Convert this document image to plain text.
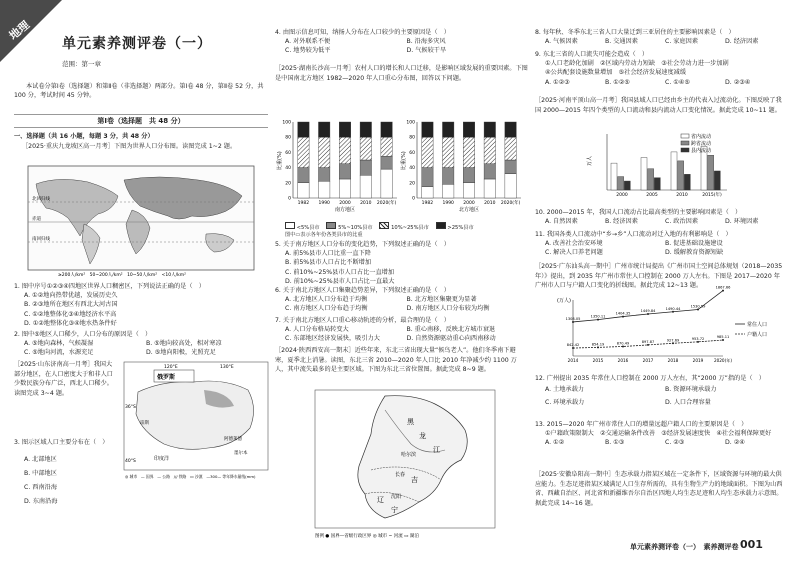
地理
单元素养测评卷（一）
范围：第一章
本试卷分第Ⅰ卷（选择题）和第Ⅱ卷（非选择题）两部分。第Ⅰ卷 48 分，第Ⅱ卷 52 分，共 100 分，考试时间 45 分钟。
第Ⅰ卷（选择题　共 48 分）
一、选择题（共 16 小题，每题 3 分，共 48 分）
［2025·重庆九龙坡区高一月考］下图为世界人口分布图。读图完成 1~2 题。
北回归线
赤道
南回归线
≥200人/km²　50~200人/km²　10~50人/km²　<10人/km²
1. 图中序号①②③④四地区世界人口稠密区，下列说法正确的是（　）
A. ①②地向热带优越，发展历史久
B. ②③地所在地区有西北大河古国
C. ①②地整体化③④地经济水平高
D. ①②地整体化③④地水热条件好
2. 图中⑤地区人口稀少，人口分布的原因是（　）
A. ⑤地向森林，气候凝湿	B. ⑤地向较高处，相对寒凉
C. ⑤地向河流，水源充足	D. ⑤地向阳极，光照充足
［2025·山东济南高一月考］我国大部分地区，在人口密度大于和非人口少数民族分布广泛，西北人口稀少。读图完成 3~4 题。
俄罗斯
120°E	130°E
36°S
40°S
珀斯
阿德莱德
墨尔本
印度洋
◎ 城市　— 国界　— 公路　/// 铁路　▭ 沙漠　—300— 等年降水量线(mm)
3. 图示区域人口主要分布在（　）
A. 北部地区
B. 中部地区
C. 西南沿海
D. 东南沿海
4. 由图示信息可知，纳扬人分布在人口较少的主要原因是（　）
A. 对外联系不便	B. 沿海多灾风
C. 地势较为低平	D. 气候较干旱
［2025·湖南长沙高一月考］农村人口的增长和人口迁移，是影响区域发展的重要因素。下图是中国南北方地区 1982—2020 年人口重心分布图，回答以下问题。
0
20
40
60
80
100
1982 1990 2000 2010 2020(年)
南方地区
0
20
40
60
80
100
1982 1990 2000 2010 2020(年)
北方地区
比重(%)	比重(%)
<5%县市　	5%~10%县市　	10%~25%县市　	>25%县市
图中▭表示各年份各类县市的比重
5. 关于南方地区人口分布的变化趋势，下列叙述正确的是（　）
A. 前5%县市人口比重一直下降
B. 前5%县市人口占比不断增加
C. 前10%~25%县市人口占比一直增加
D. 前10%~25%县市人口占比一直最大
6. 关于南北方地区人口集聚趋势差异，下列叙述正确的是（　）
A. 北方地区人口分布趋于均衡	B. 北方地区集聚更为显著
C. 南方地区人口分布趋于均衡	D. 南方地区人口分布较为均衡
7. 关于南北方地区人口重心移动轨迹的分析，最合理的是（　）
A. 人口分布格局转变大	B. 重心南移，反映北方城市衰退
C. 东部地区经济发展快，吸引力大	D. 自然资源驱动重心向西南移动
［2024·陕西西安高一期末］近些年来，东北三省出现大量“候鸟老人”。他们冬季南下避寒，夏季北上消暑。读图，东北三省 2010—2020 年人口比 2010 年净减少约 1100 万人，其中流失最多的是主要区域。下图为东北三省位置图。据此完成 8~9 题。
黑
龙
江
哈尔滨
吉
长春
辽 沈阳
宁
图例 ● 国界—省级行政区界 ◎ 城市 ~ 河流 ▭ 湖泊
8. 每年秋、冬季东北三省人口大量迁到三亚居住的主要影响因素是（　）
A. 气候因素	B. 交通因素	C. 家庭因素	D. 经济因素
9. 东北三省的人口流失可能会造成（　）
①人口老龄化加剧　②区域内劳动力短缺　③社会劳动力进一步加剧
④公共配套设施数量增加　⑤社会经济发展速度减缓
A. ①②③	B. ①②⑤	C. ①④⑤	D. ②③④
［2025·河南平顶山高一月考］我国县域人口已经由乡主的代表入过流动化。下图反映了我国 2000—2015 年四个类型的人口流动和县内流动人口变化情况。据此完成 10~11 题。
2000	2005	2010	2015(年)
万人
省内流动
跨省流动
县内流动
10. 2000—2015 年，我国人口流动占比最高类型的主要影响因素是（　）
A. 自然因素	B. 经济因素	C. 政治因素	D. 环境因素
11. 我国各类人口流动中“乡→乡”人口流动对迁入地的有利影响是（　）
A. 改善社会治安环境	B. 促进基础设施建设
C. 解决人口养老问题	D. 缓解教育资源短缺
［2025·广东汕头高一期中］广州市统计局提出《广州市国土空间总体规划（2018—2035 年）》提出，到 2035 年广州市常住人口控制在 2000 万人左右。下图是 2017—2020 年广州市人口与户籍人口变化的折线图。据此完成 12~13 题。
1308.05
1350.11
1404.35
1449.84
1490.44
1530.59
1867.66
842.42	854.19	870.49	897.87	927.69	953.72	985.11
2014	2015	2016	2017	2018	2019	2020(年)
(万人)
常住人口
户籍人口
12. 广州提出 2035 年常住人口控制在 2000 万人左右，其“2000 万”指的是（　）
A. 土地承载力	B. 资源环境承载力
C. 环境承载力	D. 人口合理容量
13. 2015—2020 年广州市常住人口的增量远超户籍人口的主要原因是（　）
①户籍政策限制大　②交通运输条件改善　③经济发展速度快　④社会福利保障更好
A. ①②	B. ①③	C. ②③	D. ②④
［2025·安徽阜阳高一期中］生态承载力指某区域在一定条件下，区域资源与环境的最大供应能力。生态足迹指某区域满足人口生存所需的，具有生物生产力的地域面积。下图为山西省、西藏自治区、河北省和新疆维吾尔自治区四地人均生态足迹和人均生态承载力示意图。据此完成 14~16 题。
单元素养测评卷（一）　素养测评卷 001
